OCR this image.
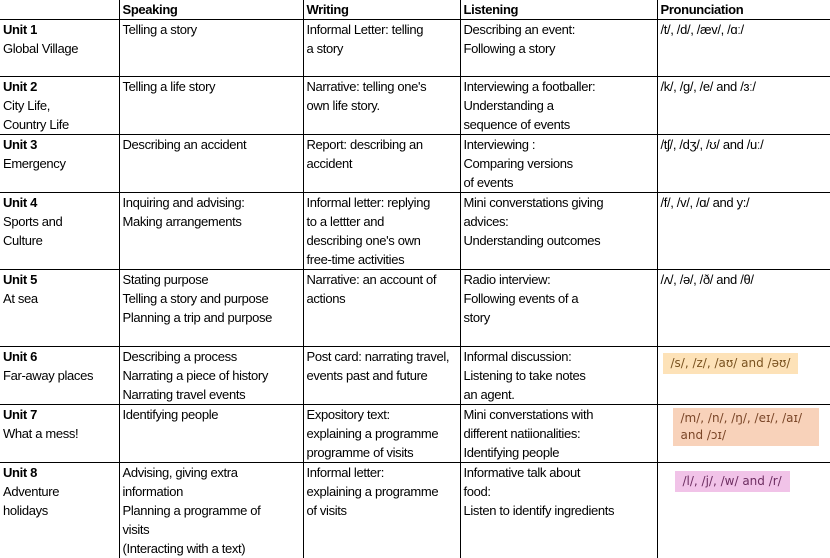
	Speaking	Writing	Listening	Pronunciation

Unit 1
Global Village	Telling a story	Informal Letter: telling
a story	Describing an event:
Following a story	/t/, /d/, /æv/, /ɑː/

Unit 2
City Life,
Country Life	Telling a life story	Narrative: telling one's
own life story.	Interviewing a footballer:
Understanding a
sequence of events	/k/, /g/, /e/ and /ɜː/

Unit 3
Emergency	Describing an accident	Report: describing an
accident	Interviewing :
Comparing versions
of events	/tʃ/, /dʒ/, /ʊ/ and /uː/

Unit 4
Sports and
Culture	Inquiring and advising:
Making arrangements	Informal letter: replying
to a lettter and
describing one's own
free-time activities	Mini converstations giving
advices:
Understanding outcomes	/f/, /v/, /ɑ/ and y:/

Unit 5
At sea	Stating purpose
Telling a story and purpose
Planning a trip and purpose	Narrative: an account of
actions	Radio interview:
Following events of a
story	/ʌ/, /ə/, /ð/ and /θ/

Unit 6
Far-away places	Describing a process
Narrating a piece of history
Narrating travel events	Post card: narrating travel,
events past and future	Informal discussion:
Listening to take notes
an agent.	/s/, /z/, /aʊ/ and /əʊ/

Unit 7
What a mess!	Identifying people	Expository text:
explaining a programme
programme of visits	Mini converstations with
different natiionalities:
Identifying people	/m/, /n/, /ŋ/, /eɪ/, /aɪ/ and /ɔɪ/

Unit 8
Adventure
holidays	Advising, giving extra
information
Planning a programme of
visits
(Interacting with a text)	Informal letter:
explaining a programme
of visits	Informative talk about
food:
Listen to identify ingredients	/l/, /j/, /w/ and /r/
